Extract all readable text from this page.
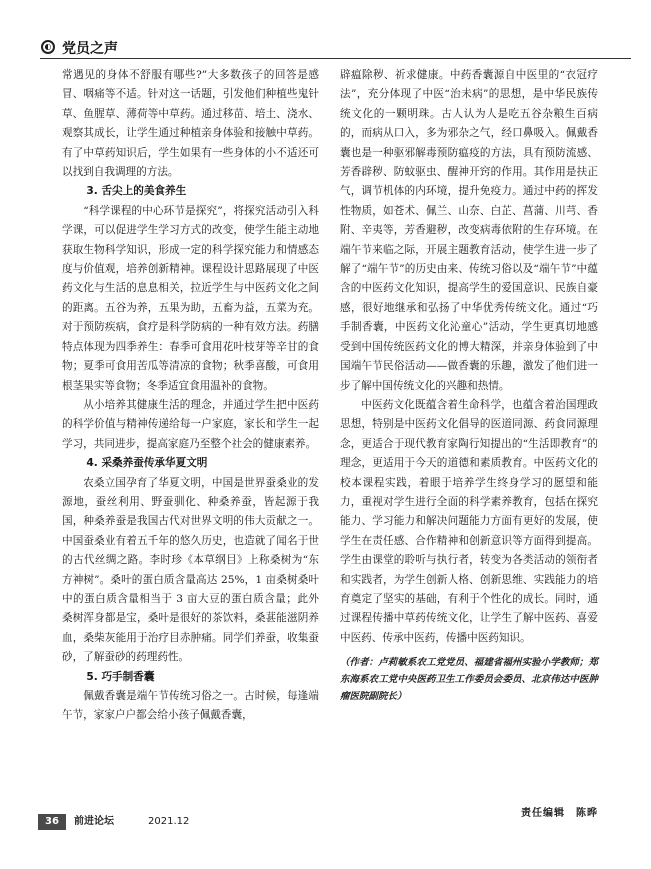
◐ 党员之声

常遇见的身体不舒服有哪些?”大多数孩子的回答是感冒、咽痛等不适。针对这一话题，引发他们种植些鬼针草、鱼腥草、薄荷等中草药。通过移苗、培土、浇水、观察其成长，让学生通过种植亲身体验和接触中草药。有了中草药知识后，学生如果有一些身体的小不适还可以找到自我调理的方法。

3. 舌尖上的美食养生

“科学课程的中心环节是探究”，将探究活动引入科学课，可以促进学生学习方式的改变，使学生能主动地获取生物科学知识，形成一定的科学探究能力和情感态度与价值观，培养创新精神。课程设计思路展现了中医药文化与生活的息息相关，拉近学生与中医药文化之间的距离。五谷为养，五果为助，五畜为益，五菜为充。对于预防疾病，食疗是科学防病的一种有效方法。药膳特点体现为四季养生：春季可食用花叶枝芽等辛甘的食物；夏季可食用苦瓜等清凉的食物；秋季喜酸，可食用根茎果实等食物；冬季适宜食用温补的食物。

从小培养其健康生活的理念，并通过学生把中医药的科学价值与精神传递给每一户家庭，家长和学生一起学习，共同进步，提高家庭乃至整个社会的健康素养。

4. 采桑养蚕传承华夏文明

农桑立国孕育了华夏文明，中国是世界蚕桑业的发源地，蚕丝利用、野蚕驯化、种桑养蚕，皆起源于我国，种桑养蚕是我国古代对世界文明的伟大贡献之一。中国蚕桑业有着五千年的悠久历史，也造就了闻名于世的古代丝绸之路。李时珍《本草纲目》上称桑树为“东方神树”。桑叶的蛋白质含量高达 25%，1 亩桑树桑叶中的蛋白质含量相当于 3 亩大豆的蛋白质含量；此外桑树浑身都是宝，桑叶是很好的茶饮料，桑葚能滋阴养血，桑柴灰能用于治疗目赤肿痛。同学们养蚕，收集蚕砂，了解蚕砂的药理药性。

5. 巧手制香囊

佩戴香囊是端午节传统习俗之一。古时候，每逢端午节，家家户户都会给小孩子佩戴香囊，

辟瘟除秽、祈求健康。中药香囊源自中医里的“衣冠疗法”，充分体现了中医“治未病”的思想，是中华民族传统文化的一颗明珠。古人认为人是吃五谷杂粮生百病的，而病从口入，多为邪杂之气，经口鼻吸入。佩戴香囊也是一种驱邪解毒预防瘟疫的方法，具有预防流感、芳香辟秽、防蚊驱虫、醒神开窍的作用。其作用是扶正气，调节机体的内环境，提升免疫力。通过中药的挥发性物质，如苍术、佩兰、山奈、白芷、菖蒲、川芎、香附、辛夷等，芳香避秽，改变病毒依附的生存环境。在端午节来临之际，开展主题教育活动，使学生进一步了解了“端午节”的历史由来、传统习俗以及“端午节”中蕴含的中医药文化知识，提高学生的爱国意识、民族自豪感，很好地继承和弘扬了中华优秀传统文化。通过“巧手制香囊，中医药文化沁童心”活动，学生更真切地感受到中国传统医药文化的博大精深，并亲身体验到了中国端午节民俗活动——做香囊的乐趣，激发了他们进一步了解中国传统文化的兴趣和热情。

中医药文化既蕴含着生命科学，也蕴含着治国理政思想，特别是中医药文化倡导的医道同源、药食同源理念，更适合于现代教育家陶行知提出的“生活即教育”的理念，更适用于今天的道德和素质教育。中医药文化的校本课程实践，着眼于培养学生终身学习的愿望和能力，重视对学生进行全面的科学素养教育，包括在探究能力、学习能力和解决问题能力方面有更好的发展，使学生在责任感、合作精神和创新意识等方面得到提高。学生由课堂的聆听与执行者，转变为各类活动的领衔者和实践者，为学生创新人格、创新思维、实践能力的培育奠定了坚实的基础，有利于个性化的成长。同时，通过课程传播中草药传统文化，让学生了解中医药、喜爱中医药、传承中医药，传播中医药知识。

（作者：卢莉敏系农工党党员、福建省福州实验小学教师；郑东海系农工党中央医药卫生工作委员会委员、北京伟达中医肿瘤医院副院长）

责任编辑　陈晔
36	前进论坛	2021.12
